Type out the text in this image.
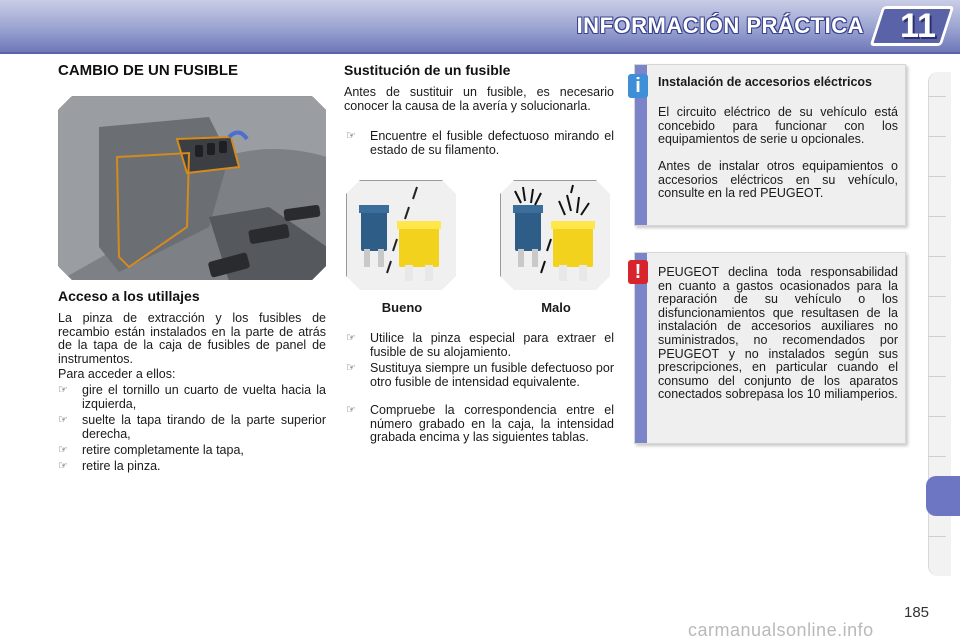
INFORMACIÓN PRÁCTICA	11
CAMBIO DE UN FUSIBLE
Acceso a los utillajes
La pinza de extracción y los fusibles de recambio están instalados en la parte de atrás de la tapa de la caja de fusibles de panel de instrumentos.
Para acceder a ellos:
☞ gire el tornillo un cuarto de vuelta hacia la izquierda,
☞ suelte la tapa tirando de la parte superior derecha,
☞ retire completamente la tapa,
☞ retire la pinza.
Sustitución de un fusible
Antes de sustituir un fusible, es necesario conocer la causa de la avería y solucionarla.
☞ Encuentre el fusible defectuoso mirando el estado de su filamento.
Bueno	Malo
☞ Utilice la pinza especial para extraer el fusible de su alojamiento.
☞ Sustituya siempre un fusible defectuoso por otro fusible de intensidad equivalente.
☞ Compruebe la correspondencia entre el número grabado en la caja, la intensidad grabada encima y las siguientes tablas.
i	Instalación de accesorios eléctricos
El circuito eléctrico de su vehículo está concebido para funcionar con los equipamientos de serie u opcionales.
Antes de instalar otros equipamientos o accesorios eléctricos en su vehículo, consulte en la red PEUGEOT.
!	PEUGEOT declina toda responsabilidad en cuanto a gastos ocasionados para la reparación de su vehículo o los disfuncionamientos que resultasen de la instalación de accesorios auxiliares no suministrados, no recomendados por PEUGEOT y no instalados según sus prescripciones, en particular cuando el consumo del conjunto de los aparatos conectados sobrepasa los 10 miliamperios.
185
carmanualsonline.info
